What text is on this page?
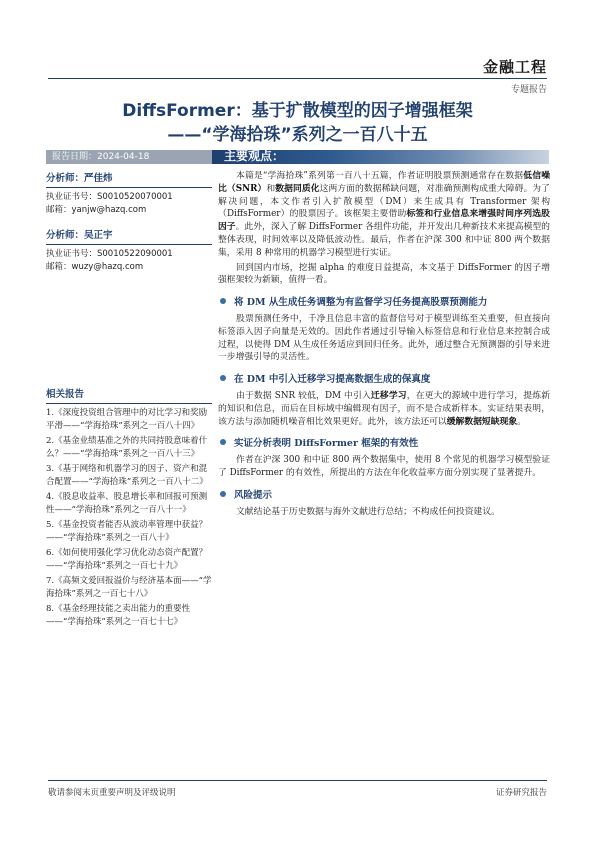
金融工程
专题报告
DiffsFormer：基于扩散模型的因子增强框架
——“学海拾珠”系列之一百八十五
报告日期：2024-04-18	主要观点：
分析师：严佳炜
执业证书号：S0010520070001
邮箱：yanjw@hazq.com
分析师：吴正宇
执业证书号：S0010522090001
邮箱：wuzy@hazq.com
相关报告
1.《深度投资组合管理中的对比学习和奖励平滑——“学海拾珠”系列之一百八十四》
2.《基金业绩基准之外的共同持股意味着什么？——“学海拾珠”系列之一百八十三》
3.《基于网络和机器学习的因子、资产和混合配置——“学海拾珠”系列之一百八十二》
4.《股息收益率、股息增长率和回报可预测性——“学海拾珠”系列之一百八十一》
5.《基金投资者能否从波动率管理中获益？——“学海拾珠”系列之一百八十》
6.《如何使用强化学习优化动态资产配置？——“学海拾珠”系列之一百七十九》
7.《高频文爱回报溢价与经济基本面——“学海拾珠”系列之一百七十八》
8.《基金经理技能之卖出能力的重要性——“学海拾珠”系列之一百七十七》

本篇是“学海拾珠”系列第一百八十五篇，作者证明股票预测通常存在数据低信噪比（SNR）和数据同质化这两方面的数据稀缺问题，对准确预测构成重大障碍。为了解决问题，本文作者引入扩散模型（DM）来生成具有 Transformer 架构（DiffsFormer）的股票因子。该框架主要借助标签和行业信息来增强时间序列选股因子。此外，深入了解 DiffsFormer 各组件功能，并开发出几种新技术来提高模型的整体表现，时间效率以及降低波动性。最后，作者在沪深 300 和中证 800 两个数据集，采用 8 种常用的机器学习模型进行实证。

回到国内市场，挖掘 alpha 的难度日益提高，本文基于 DiffsFormer 的因子增强框架较为新颖，值得一看。

将 DM 从生成任务调整为有监督学习任务提高股票预测能力

股票预测任务中，千净且信息丰富的监督信号对于模型训练至关重要，但直接向标签添入因子向量是无效的。因此作者通过引导输入标签信息和行业信息来控制合成过程，以使得 DM 从生成任务适应到回归任务。此外，通过整合无预测器的引导来进一步增强引导的灵活性。

在 DM 中引入迁移学习提高数据生成的保真度

由于数据 SNR 较低，DM 中引入迁移学习，在更大的源域中进行学习，提炼新的知识和信息，而后在目标域中编辑现有因子，而不是合成新样本。实证结果表明，该方法与添加随机噪音相比效果更好。此外，该方法还可以缓解数据短缺现象。

实证分析表明 DiffsFormer 框架的有效性

作者在沪深 300 和中证 800 两个数据集中，使用 8 个常见的机器学习模型验证了 DiffsFormer 的有效性，所提出的方法在年化收益率方面分别实现了显著提升。

风险提示

文献结论基于历史数据与海外文献进行总结；不构成任何投资建议。

敬请参阅末页重要声明及评级说明	证券研究报告
